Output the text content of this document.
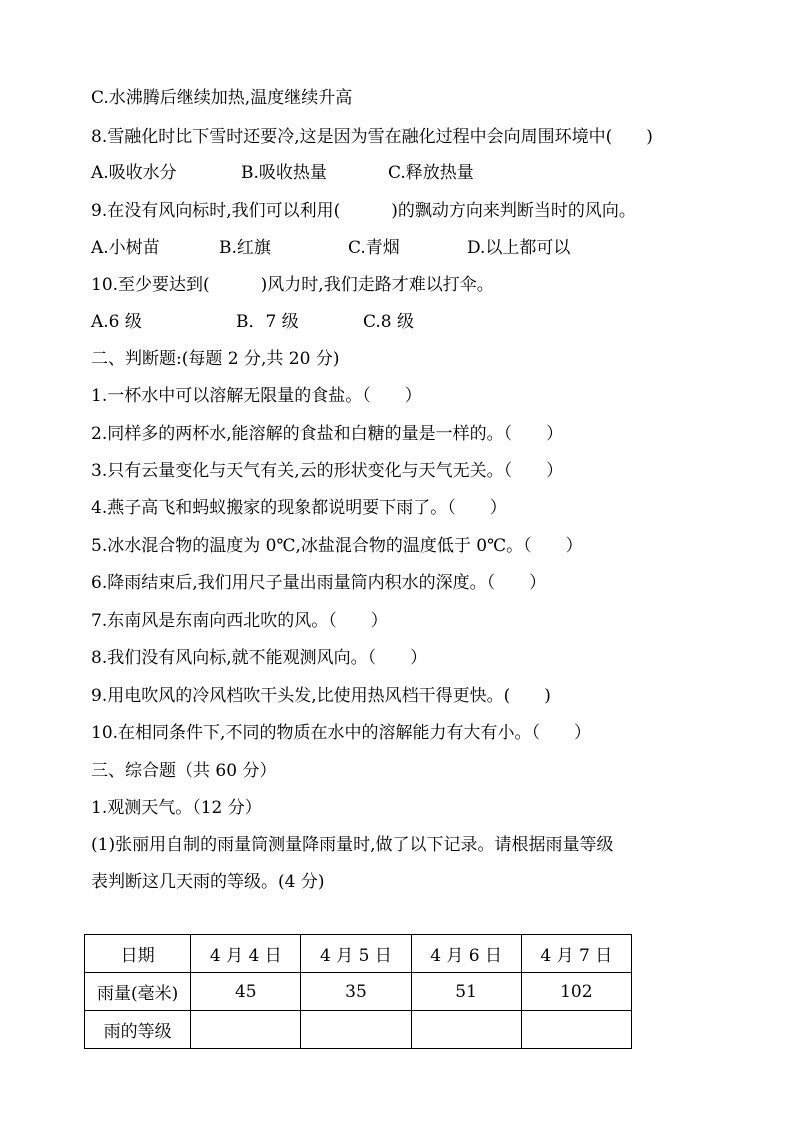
C.水沸腾后继续加热,温度继续升高
8.雪融化时比下雪时还要冷,这是因为雪在融化过程中会向周围环境中(　　)

A.吸收水分

	B.吸收热量

	C.释放热量

9.在没有风向标时,我们可以利用(　　　)的飘动方向来判断当时的风向。

A.小树苗

	B.红旗

	C.青烟

	D.以上都可以

10.至少要达到(　　　)风力时,我们走路才难以打伞。

A.6 级

	B．7 级

	C.8 级

二、判断题:(每题 2 分,共 20 分)
1.一杯水中可以溶解无限量的食盐。（　　）
2.同样多的两杯水,能溶解的食盐和白糖的量是一样的。（　　）
3.只有云量变化与天气有关,云的形状变化与天气无关。（　　）
4.燕子高飞和蚂蚁搬家的现象都说明要下雨了。（　　）
5.冰水混合物的温度为 0℃,冰盐混合物的温度低于 0℃。（　　）
6.降雨结束后,我们用尺子量出雨量筒内积水的深度。（　　）
7.东南风是东南向西北吹的风。（　　）
8.我们没有风向标,就不能观测风向。（　　）
9.用电吹风的冷风档吹干头发,比使用热风档干得更快。(　　)
10.在相同条件下,不同的物质在水中的溶解能力有大有小。（　　）
三、综合题（共 60 分）
1.观测天气。（12 分）
(1)张丽用自制的雨量筒测量降雨量时,做了以下记录。请根据雨量等级
表判断这几天雨的等级。(4 分)
日期	4 月 4 日	4 月 5 日	4 月 6 日	4 月 7 日
雨量(毫米)	45	35	51	102
雨的等级				
